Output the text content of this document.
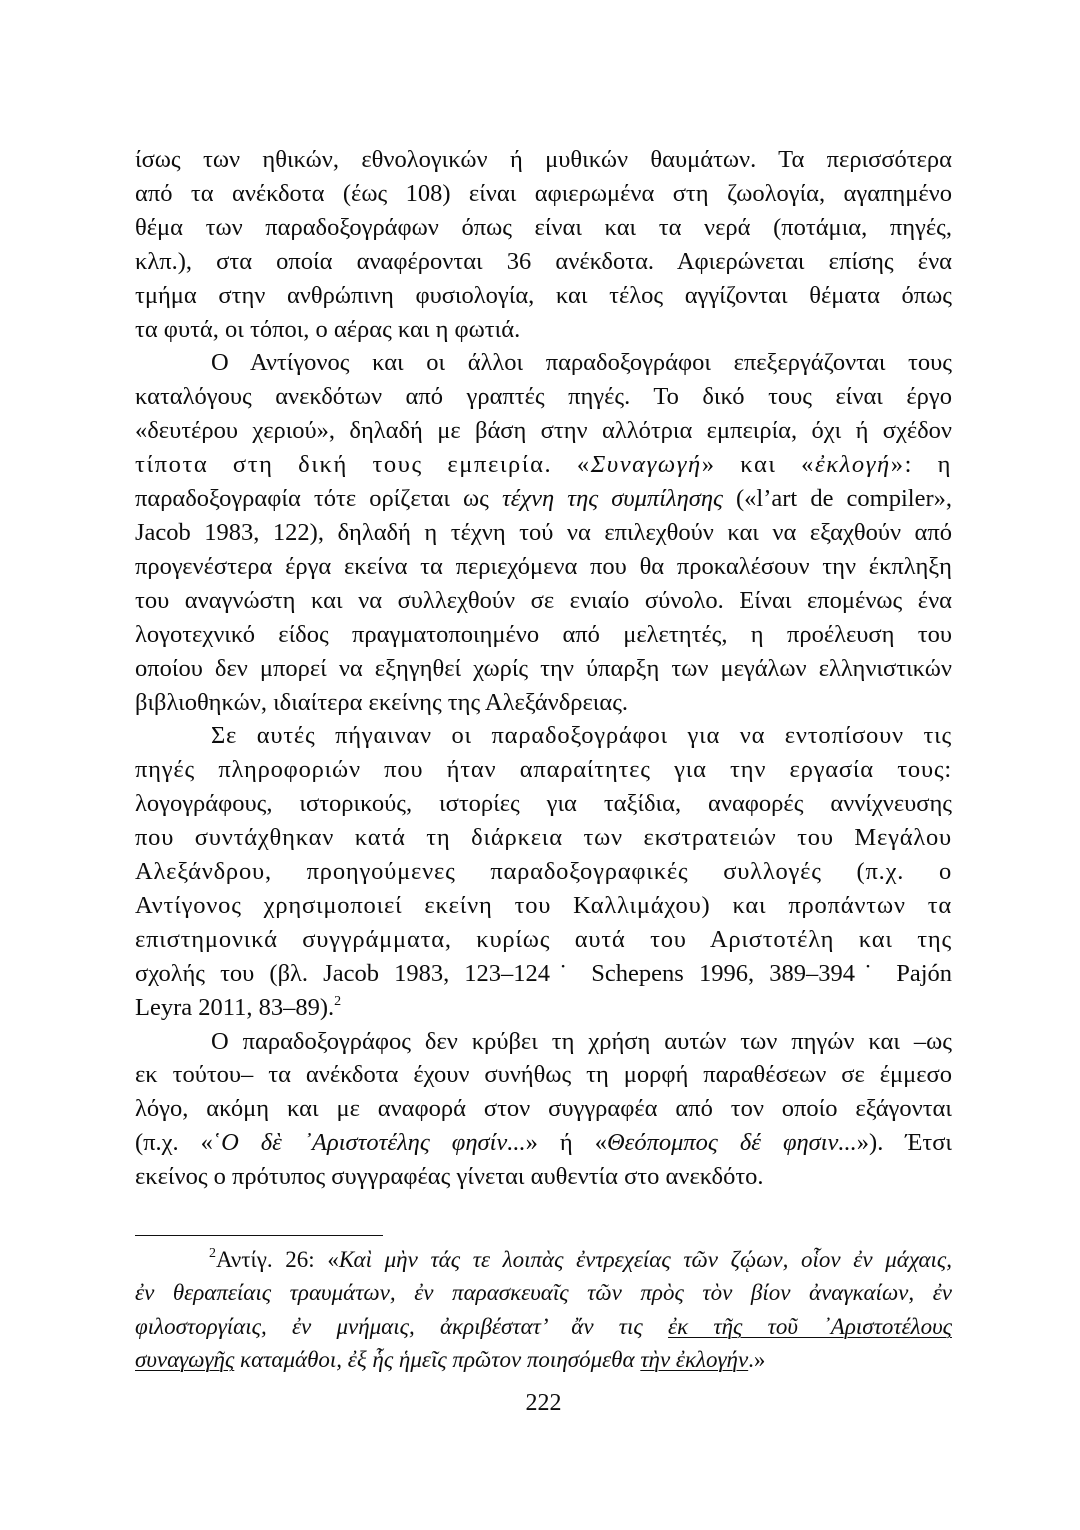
ίσως των ηθικών, εθνολογικών ή μυθικών θαυμάτων. Τα περισσότερα
από τα ανέκδοτα (έως 108) είναι αφιερωμένα στη ζωολογία, αγαπημένο
θέμα των παραδοξογράφων όπως είναι και τα νερά (ποτάμια, πηγές,
κλπ.), στα οποία αναφέρονται 36 ανέκδοτα. Αφιερώνεται επίσης ένα
τμήμα στην ανθρώπινη φυσιολογία, και τέλος αγγίζονται θέματα όπως
τα φυτά, οι τόποι, ο αέρας και η φωτιά.
Ο Αντίγονος και οι άλλοι παραδοξογράφοι επεξεργάζονται τους
καταλόγους ανεκδότων από γραπτές πηγές. Το δικό τους είναι έργο
«δευτέρου χεριού», δηλαδή με βάση στην αλλότρια εμπειρία, όχι ή σχέδον
τίποτα στη δική τους εμπειρία. «Συναγωγή» και «ἐκλογή»: η
παραδοξογραφία τότε ορίζεται ως τέχνη της συμπίλησης («l’art de compiler»,
Jacob 1983, 122), δηλαδή η τέχνη τού να επιλεχθούν και να εξαχθούν από
προγενέστερα έργα εκείνα τα περιεχόμενα που θα προκαλέσουν την έκπληξη
του αναγνώστη και να συλλεχθούν σε ενιαίο σύνολο. Είναι επομένως ένα
λογοτεχνικό είδος πραγματοποιημένο από μελετητές, η προέλευση του
οποίου δεν μπορεί να εξηγηθεί χωρίς την ύπαρξη των μεγάλων ελληνιστικών
βιβλιοθηκών, ιδιαίτερα εκείνης της Αλεξάνδρειας.
Σε αυτές πήγαιναν οι παραδοξογράφοι για να εντοπίσουν τις
πηγές πληροφοριών που ήταν απαραίτητες για την εργασία τους:
λογογράφους, ιστορικούς, ιστορίες για ταξίδια, αναφορές αννίχνευσης
που συντάχθηκαν κατά τη διάρκεια των εκστρατειών του Μεγάλου
Αλεξάνδρου, προηγούμενες παραδοξογραφικές συλλογές (π.χ. ο
Αντίγονος χρησιμοποιεί εκείνη του Καλλιμάχου) και προπάντων τα
επιστημονικά συγγράμματα, κυρίως αυτά του Αριστοτέλη και της
σχολής του (βλ. Jacob 1983, 123–124˙ Schepens 1996, 389–394˙ Pajón
Leyra 2011, 83–89).$^2$
Ο παραδοξογράφος δεν κρύβει τη χρήση αυτών των πηγών και –ως
εκ τούτου– τα ανέκδοτα έχουν συνήθως τη μορφή παραθέσεων σε έμμεσο
λόγο, ακόμη και με αναφορά στον συγγραφέα από τον οποίο εξάγονται
(π.χ. «῾Ο δὲ ᾿Αριστοτέλης φησίν...» ή «Θεόπομπος δέ φησιν...»). Έτσι
εκείνος ο πρότυπος συγγραφέας γίνεται αυθεντία στο ανεκδότο.
$^2$Αντίγ. 26: «Καὶ μὴν τάς τε λοιπὰς ἐντρεχείας τῶν ζῴων, οἷον ἐν μάχαις,
ἐν θεραπείαις τραυμάτων, ἐν παρασκευαῖς τῶν πρὸς τὸν βίον ἀναγκαίων, ἐν
φιλοστοργίαις, ἐν μνήμαις, ἀκριβέστατ’ ἄν τις ἐκ τῆς τοῦ ᾿Αριστοτέλους
συναγωγῆς καταμάθοι, ἐξ ἧς ἡμεῖς πρῶτον ποιησόμεθα τὴν ἐκλογήν.»
222
